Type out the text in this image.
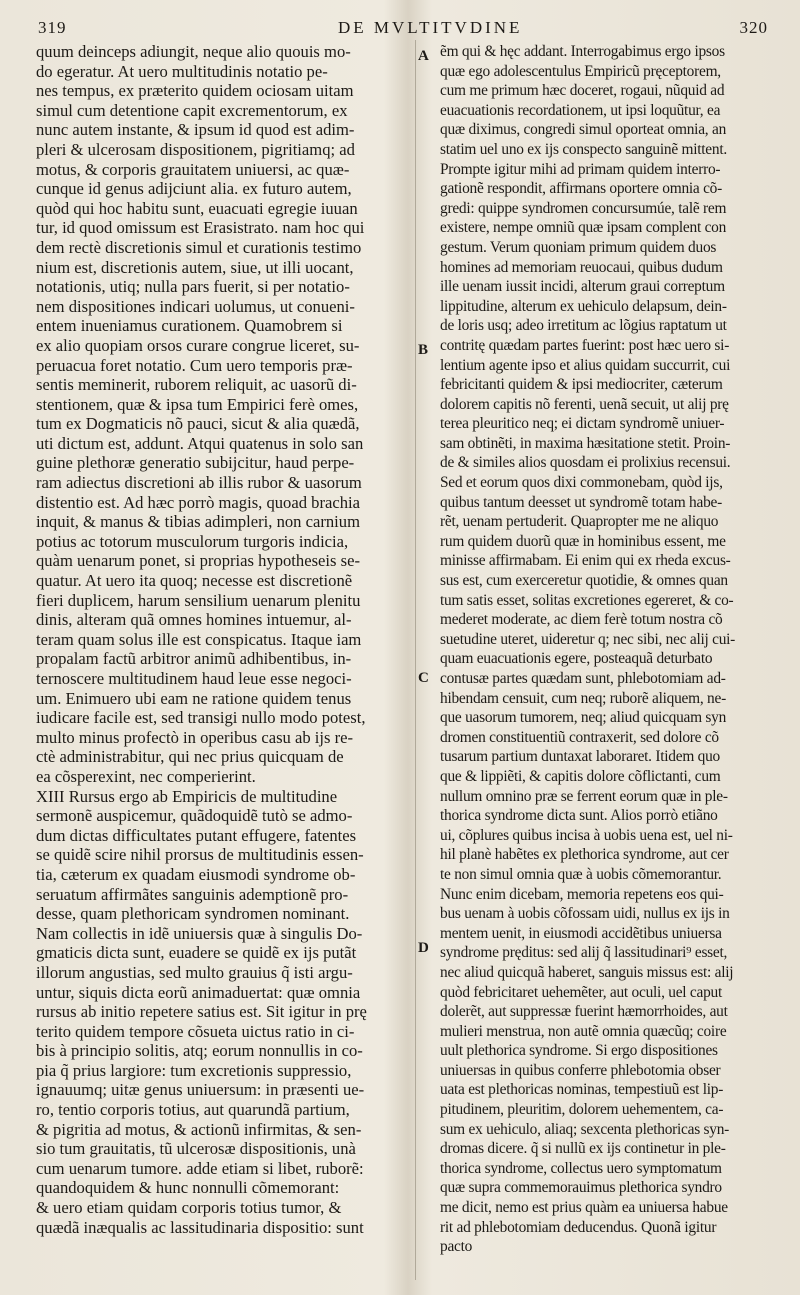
319	DE MVLTITVDINE	320
A
B
C
D
quum deinceps adiungit, neque alio quouis mo-
do egeratur. At uero multitudinis notatio pe-
nes tempus, ex præterito quidem ociosam uitam
simul cum detentione capit excrementorum, ex
nunc autem instante, & ipsum id quod est adim-
pleri & ulcerosam dispositionem, pigritiamq; ad
motus, & corporis grauitatem uniuersi, ac quæ-
cunque id genus adijciunt alia. ex futuro autem,
quòd qui hoc habitu sunt, euacuati egregie iuuan
tur, id quod omissum est Erasistrato. nam hoc qui
dem rectè discretionis simul et curationis testimo
nium est, discretionis autem, siue, ut illi uocant,
notationis, utiq; nulla pars fuerit, si per notatio-
nem dispositiones indicari uolumus, ut conueni-
entem inueniamus curationem. Quamobrem si
ex alio quopiam orsos curare congrue liceret, su-
peruacua foret notatio. Cum uero temporis præ-
sentis meminerit, ruborem reliquit, ac uasorũ di-
stentionem, quæ & ipsa tum Empirici ferè omes,
tum ex Dogmaticis nõ pauci, sicut & alia quædã,
uti dictum est, addunt. Atqui quatenus in solo san
guine plethoræ generatio subijcitur, haud perpe-
ram adiectus discretioni ab illis rubor & uasorum
distentio est. Ad hæc porrò magis, quoad brachia
inquit, & manus & tibias adimpleri, non carnium
potius ac totorum musculorum turgoris indicia,
quàm uenarum ponet, si proprias hypotheseis se-
quatur. At uero ita quoq; necesse est discretionẽ
fieri duplicem, harum sensilium uenarum plenitu
dinis, alteram quã omnes homines intuemur, al-
teram quam solus ille est conspicatus. Itaque iam
propalam factũ arbitror animũ adhibentibus, in-
ternoscere multitudinem haud leue esse negoci-
um. Enimuero ubi eam ne ratione quidem tenus
iudicare facile est, sed transigi nullo modo potest,
multo minus profectò in operibus casu ab ijs re-
ctè administrabitur, qui nec prius quicquam de
ea cõsperexint, nec comperierint.
XIII Rursus ergo ab Empiricis de multitudine
sermonẽ auspicemur, quãdoquidẽ tutò se admo-
dum dictas difficultates putant effugere, fatentes
se quidẽ scire nihil prorsus de multitudinis essen-
tia, cæterum ex quadam eiusmodi syndrome ob-
seruatum affirmãtes sanguinis ademptionẽ pro-
desse, quam plethoricam syndromen nominant.
Nam collectis in idẽ uniuersis quæ à singulis Do-
gmaticis dicta sunt, euadere se quidẽ ex ijs putãt
illorum angustias, sed multo grauius q̃ isti argu-
untur, siquis dicta eorũ animaduertat: quæ omnia
rursus ab initio repetere satius est. Sit igitur in prę
terito quidem tempore cõsueta uictus ratio in ci-
bis à principio solitis, atq; eorum nonnullis in co-
pia q̃ prius largiore: tum excretionis suppressio,
ignauumq; uitæ genus uniuersum: in præsenti ue-
ro, tentio corporis totius, aut quarundã partium,
& pigritia ad motus, & actionũ infirmitas, & sen-
sio tum grauitatis, tũ ulcerosæ dispositionis, unà
cum uenarum tumore. adde etiam si libet, ruborẽ:
quandoquidem & hunc nonnulli cõmemorant:
& uero etiam quidam corporis totius tumor, &
quædã inæqualis ac lassitudinaria dispositio: sunt
ẽm qui & hęc addant. Interrogabimus ergo ipsos
quæ ego adolescentulus Empiricũ pręceptorem,
cum me primum hæc doceret, rogaui, nũquid ad
euacuationis recordationem, ut ipsi loquũtur, ea
quæ diximus, congredi simul oporteat omnia, an
statim uel uno ex ijs conspecto sanguinẽ mittent.
Prompte igitur mihi ad primam quidem interro-
gationẽ respondit, affirmans oportere omnia cõ-
gredi: quippe syndromen concursumúe, talẽ rem
existere, nempe omniũ quæ ipsam complent con
gestum. Verum quoniam primum quidem duos
homines ad memoriam reuocaui, quibus dudum
ille uenam iussit incidi, alterum graui correptum
lippitudine, alterum ex uehiculo delapsum, dein-
de loris usq; adeo irretitum ac lõgius raptatum ut
contritę quædam partes fuerint: post hæc uero si-
lentium agente ipso et alius quidam succurrit, cui
febricitanti quidem & ipsi mediocriter, cæterum
dolorem capitis nõ ferenti, uenã secuit, ut alij prę
terea pleuritico neq; ei dictam syndromẽ uniuer-
sam obtinẽti, in maxima hæsitatione stetit. Proin-
de & similes alios quosdam ei prolixius recensui.
Sed et eorum quos dixi commonebam, quòd ijs,
quibus tantum deesset ut syndromẽ totam habe-
rẽt, uenam pertuderit. Quapropter me ne aliquo
rum quidem duorũ quæ in hominibus essent, me
minisse affirmabam. Ei enim qui ex rheda excus-
sus est, cum exerceretur quotidie, & omnes quan
tum satis esset, solitas excretiones egereret, & co-
mederet moderate, ac diem ferè totum nostra cõ
suetudine uteret, uideretur q; nec sibi, nec alij cui-
quam euacuationis egere, posteaquã deturbato
contusæ partes quædam sunt, phlebotomiam ad-
hibendam censuit, cum neq; ruborẽ aliquem, ne-
que uasorum tumorem, neq; aliud quicquam syn
dromen constituentiũ contraxerit, sed dolore cõ
tusarum partium duntaxat laboraret. Itidem quo
que & lippiẽti, & capitis dolore cõflictanti, cum
nullum omnino præ se ferrent eorum quæ in ple-
thorica syndrome dicta sunt. Alios porrò etiãno
ui, cõplures quibus incisa à uobis uena est, uel ni-
hil planè habẽtes ex plethorica syndrome, aut cer
te non simul omnia quæ à uobis cõmemorantur.
Nunc enim dicebam, memoria repetens eos qui-
bus uenam à uobis cõfossam uidi, nullus ex ijs in
mentem uenit, in eiusmodi accidẽtibus uniuersa
syndrome pręditus: sed alij q̃ lassitudinari⁹ esset,
nec aliud quicquã haberet, sanguis missus est: alij
quòd febricitaret uehemẽter, aut oculi, uel caput
dolerẽt, aut suppressæ fuerint hæmorrhoides, aut
mulieri menstrua, non autẽ omnia quæcũq; coire
uult plethorica syndrome. Si ergo dispositiones
uniuersas in quibus conferre phlebotomia obser
uata est plethoricas nominas, tempestiuũ est lip-
pitudinem, pleuritim, dolorem uehementem, ca-
sum ex uehiculo, aliaq; sexcenta plethoricas syn-
dromas dicere. q̃ si nullũ ex ijs continetur in ple-
thorica syndrome, collectus uero symptomatum
quæ supra commemorauimus plethorica syndro
me dicit, nemo est prius quàm ea uniuersa habue
rit ad phlebotomiam deducendus. Quonã igitur
pacto
